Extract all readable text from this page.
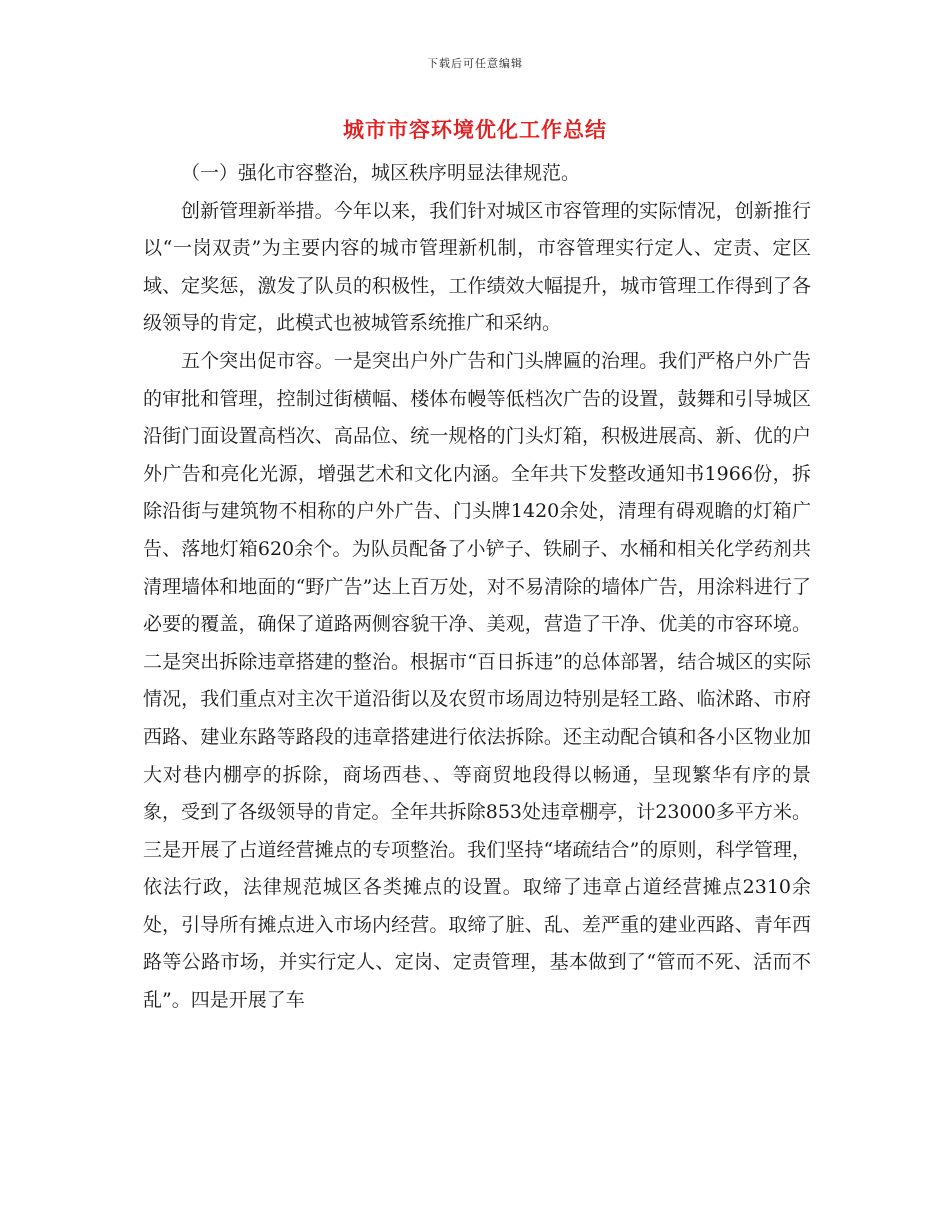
下载后可任意编辑
城市市容环境优化工作总结

（一）强化市容整治，城区秩序明显法律规范。

创新管理新举措。今年以来，我们针对城区市容管理的实际情况，创新推行以“一岗双责”为主要内容的城市管理新机制，市容管理实行定人、定责、定区域、定奖惩，激发了队员的积极性，工作绩效大幅提升，城市管理工作得到了各级领导的肯定，此模式也被城管系统推广和采纳。

五个突出促市容。一是突出户外广告和门头牌匾的治理。我们严格户外广告的审批和管理，控制过街横幅、楼体布幔等低档次广告的设置，鼓舞和引导城区沿街门面设置高档次、高品位、统一规格的门头灯箱，积极进展高、新、优的户外广告和亮化光源，增强艺术和文化内涵。全年共下发整改通知书1966份，拆除沿街与建筑物不相称的户外广告、门头牌1420余处，清理有碍观瞻的灯箱广告、落地灯箱620余个。为队员配备了小铲子、铁刷子、水桶和相关化学药剂共清理墙体和地面的“野广告”达上百万处，对不易清除的墙体广告，用涂料进行了必要的覆盖，确保了道路两侧容貌干净、美观，营造了干净、优美的市容环境。二是突出拆除违章搭建的整治。根据市“百日拆违”的总体部署，结合城区的实际情况，我们重点对主次干道沿街以及农贸市场周边特别是轻工路、临沭路、市府西路、建业东路等路段的违章搭建进行依法拆除。还主动配合镇和各小区物业加大对巷内棚亭的拆除，商场西巷、、等商贸地段得以畅通，呈现繁华有序的景象，受到了各级领导的肯定。全年共拆除853处违章棚亭，计23000多平方米。三是开展了占道经营摊点的专项整治。我们坚持“堵疏结合”的原则，科学管理，依法行政，法律规范城区各类摊点的设置。取缔了违章占道经营摊点2310余处，引导所有摊点进入市场内经营。取缔了脏、乱、差严重的建业西路、青年西路等公路市场，并实行定人、定岗、定责管理，基本做到了“管而不死、活而不乱”。四是开展了车
